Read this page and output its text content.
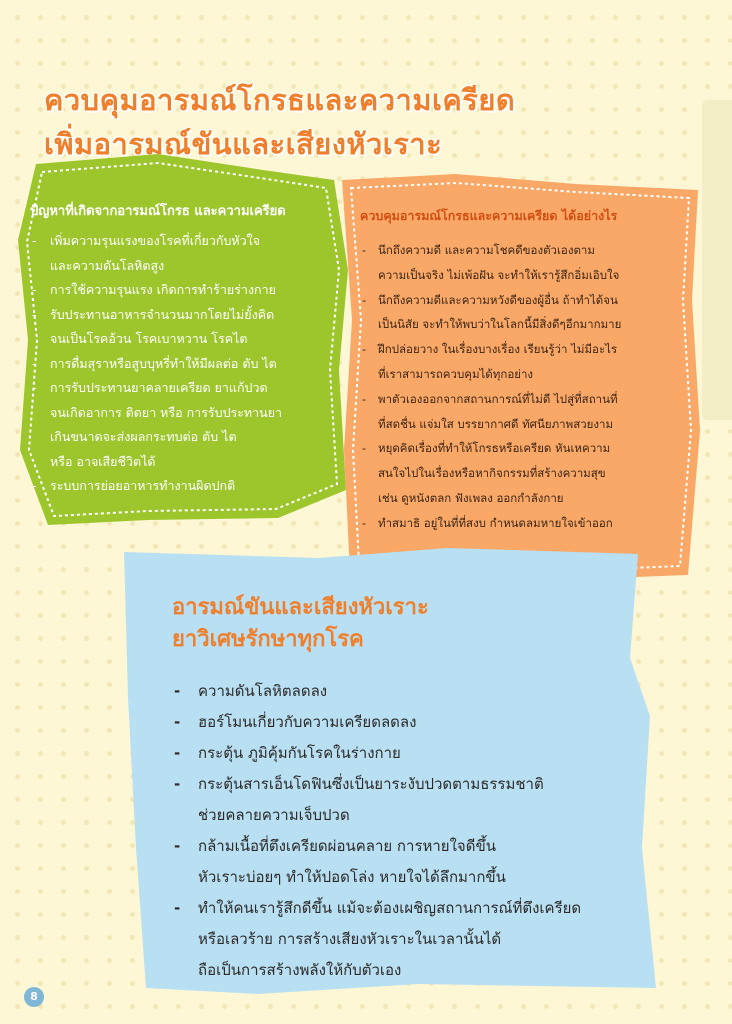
ควบคุมอารมณ์โกรธและความเครียด
เพิ่มอารมณ์ขันและเสียงหัวเราะ

ปัญหาที่เกิดจากอารมณ์โกรธ และความเครียด

- เพิ่มความรุนแรงของโรคที่เกี่ยวกับหัวใจ
และความดันโลหิตสูง
- การใช้ความรุนแรง เกิดการทำร้ายร่างกาย
- รับประทานอาหารจำนวนมากโดยไม่ยั้งคิด
จนเป็นโรคอ้วน โรคเบาหวาน โรคไต
- การดื่มสุราหรือสูบบุหรี่ทำให้มีผลต่อ ตับ ไต
- การรับประทานยาคลายเครียด ยาแก้ปวด
จนเกิดอาการ ติดยา หรือ การรับประทานยา
เกินขนาดจะส่งผลกระทบต่อ ตับ ไต
หรือ อาจเสียชีวิตได้
- ระบบการย่อยอาหารทำงานผิดปกติ

ควบคุมอารมณ์โกรธและความเครียด ได้อย่างไร

- นึกถึงความดี และความโชคดีของตัวเองตาม
ความเป็นจริง ไม่เพ้อฝัน จะทำให้เรารู้สึกอิ่มเอิบใจ
- นึกถึงความดีและความหวังดีของผู้อื่น ถ้าทำได้จน
เป็นนิสัย จะทำให้พบว่าในโลกนี้มีสิ่งดีๆอีกมากมาย
- ฝึกปล่อยวาง ในเรื่องบางเรื่อง เรียนรู้ว่า ไม่มีอะไร
ที่เราสามารถควบคุมได้ทุกอย่าง
- พาตัวเองออกจากสถานการณ์ที่ไม่ดี ไปสู่ที่สถานที่
ที่สดชื่น แจ่มใส บรรยากาศดี ทัศนียภาพสวยงาม
- หยุดคิดเรื่องที่ทำให้โกรธหรือเครียด หันเหความ
สนใจไปในเรื่องหรือหากิจกรรมที่สร้างความสุข
เช่น ดูหนังตลก ฟังเพลง ออกกำลังกาย
- ทำสมาธิ อยู่ในที่ที่สงบ กำหนดลมหายใจเข้าออก
อารมณ์ขันและเสียงหัวเราะ
ยาวิเศษรักษาทุกโรค
- ความดันโลหิตลดลง
- ฮอร์โมนเกี่ยวกับความเครียดลดลง
- กระตุ้น ภูมิคุ้มกันโรคในร่างกาย
- กระตุ้นสารเอ็นโดฟินซึ่งเป็นยาระงับปวดตามธรรมชาติ
ช่วยคลายความเจ็บปวด
- กล้ามเนื้อที่ตึงเครียดผ่อนคลาย การหายใจดีขึ้น
หัวเราะบ่อยๆ ทำให้ปอดโล่ง หายใจได้ลึกมากขึ้น
- ทำให้คนเรารู้สึกดีขึ้น แม้จะต้องเผชิญสถานการณ์ที่ตึงเครียด
หรือเลวร้าย การสร้างเสียงหัวเราะในเวลานั้นได้
ถือเป็นการสร้างพลังให้กับตัวเอง
8
